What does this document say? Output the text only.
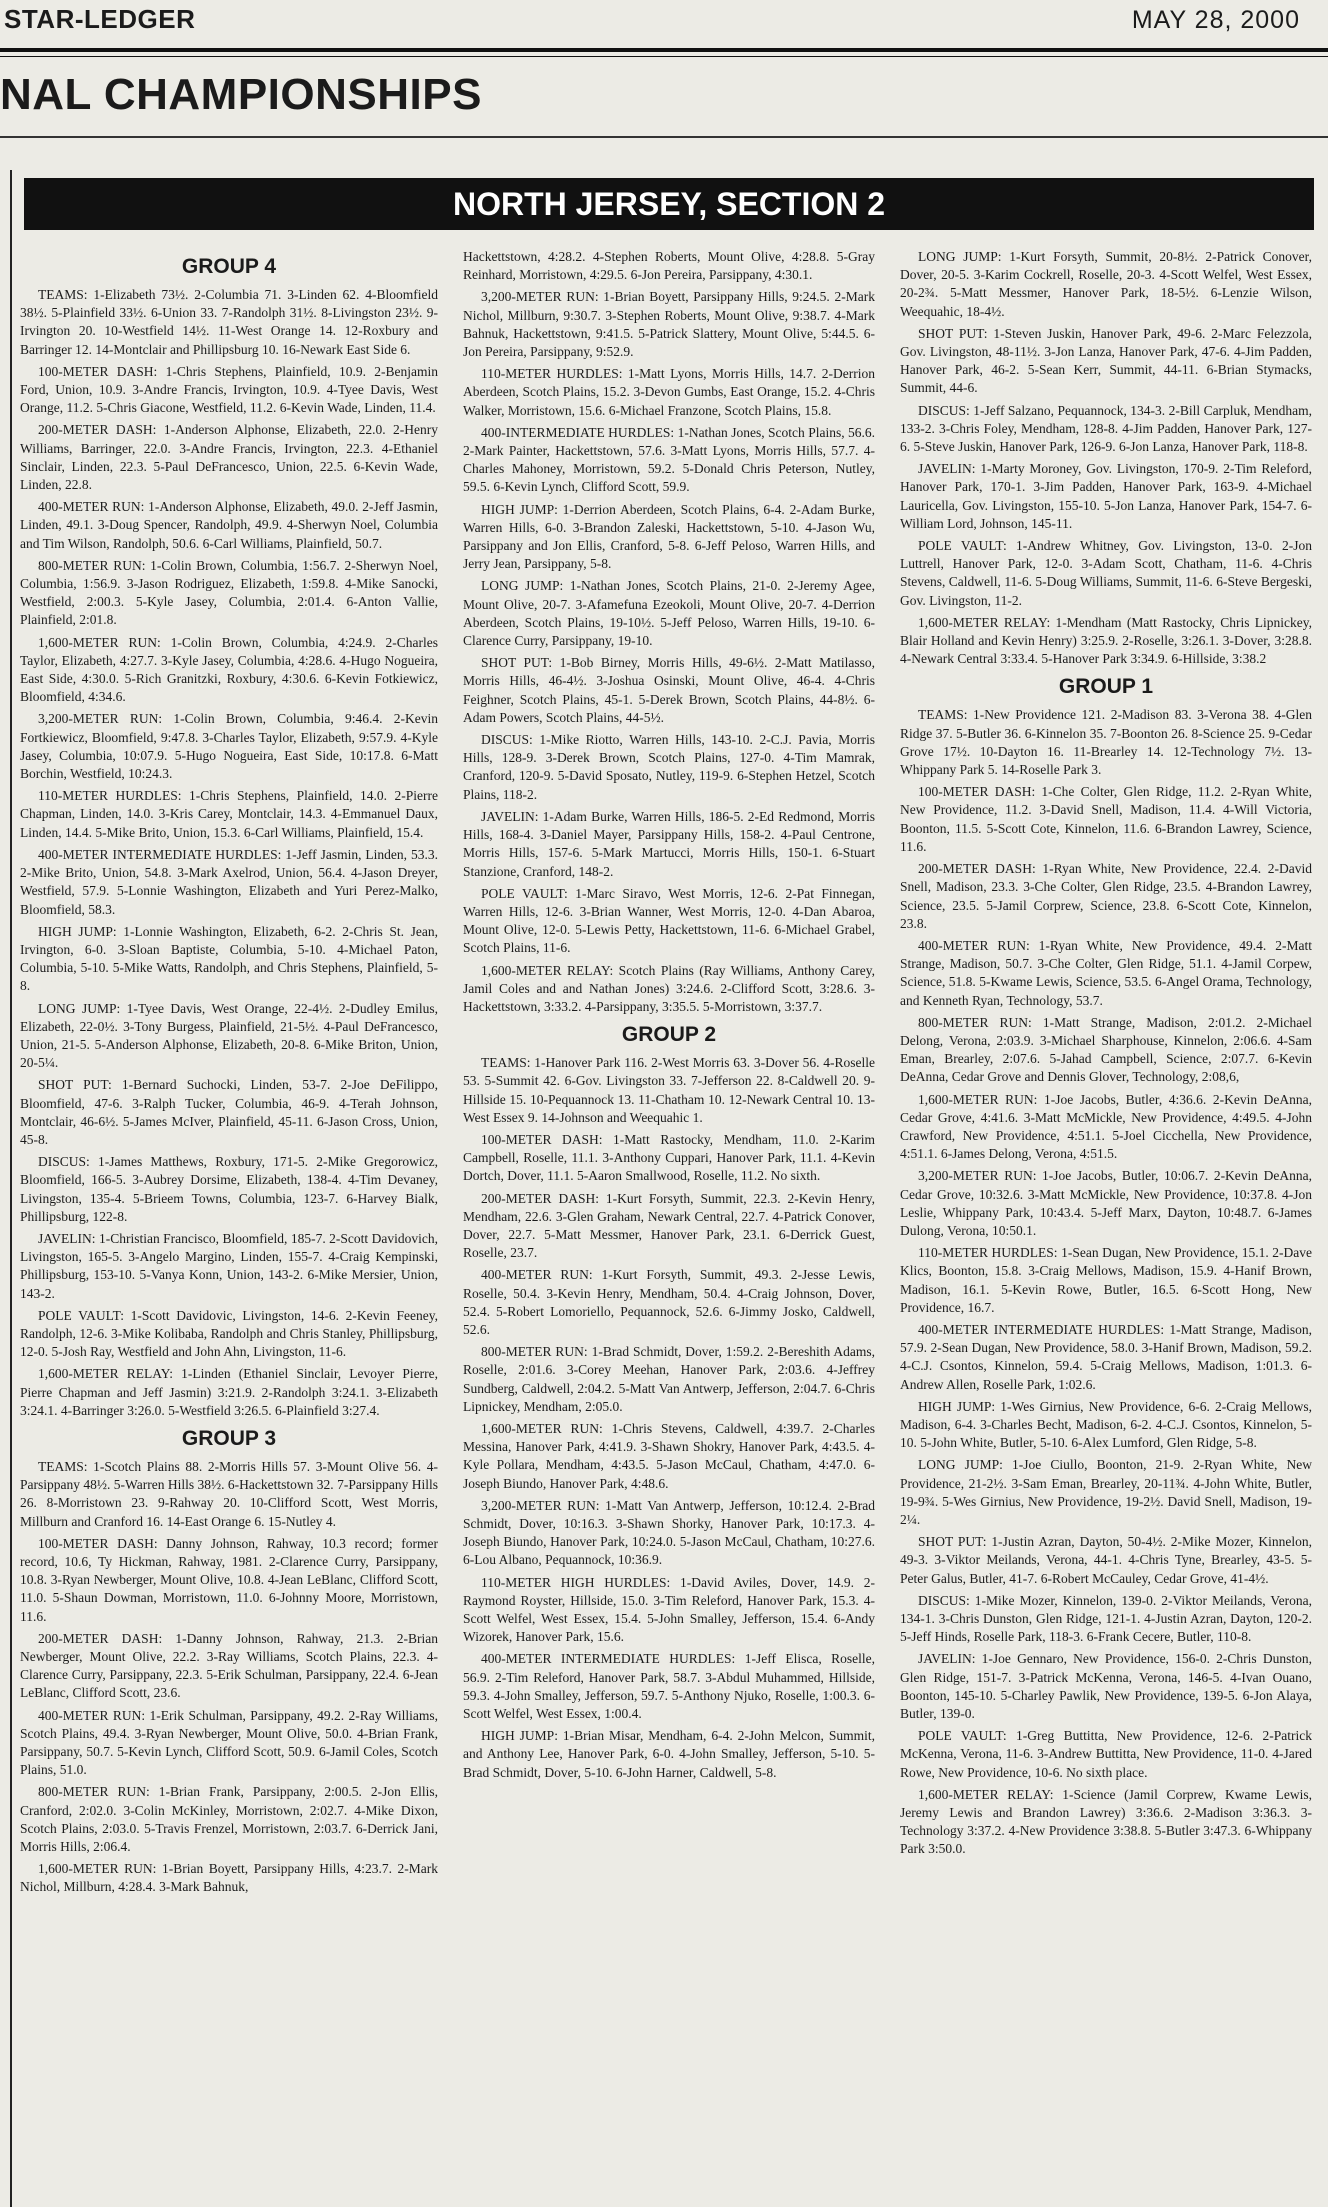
STAR-LEDGER	MAY 28, 2000
NAL CHAMPIONSHIPS
NORTH JERSEY, SECTION 2
GROUP 4

TEAMS: 1-Elizabeth 73½. 2-Columbia 71. 3-Linden 62. 4-Bloomfield 38½. 5-Plainfield 33½. 6-Union 33. 7-Randolph 31½. 8-Livingston 23½. 9-Irvington 20. 10-Westfield 14½. 11-West Orange 14. 12-Roxbury and Barringer 12. 14-Montclair and Phillipsburg 10. 16-Newark East Side 6.

100-METER DASH: 1-Chris Stephens, Plainfield, 10.9. 2-Benjamin Ford, Union, 10.9. 3-Andre Francis, Irvington, 10.9. 4-Tyee Davis, West Orange, 11.2. 5-Chris Giacone, Westfield, 11.2. 6-Kevin Wade, Linden, 11.4.

200-METER DASH: 1-Anderson Alphonse, Elizabeth, 22.0. 2-Henry Williams, Barringer, 22.0. 3-Andre Francis, Irvington, 22.3. 4-Ethaniel Sinclair, Linden, 22.3. 5-Paul DeFrancesco, Union, 22.5. 6-Kevin Wade, Linden, 22.8.

400-METER RUN: 1-Anderson Alphonse, Elizabeth, 49.0. 2-Jeff Jasmin, Linden, 49.1. 3-Doug Spencer, Randolph, 49.9. 4-Sherwyn Noel, Columbia and Tim Wilson, Randolph, 50.6. 6-Carl Williams, Plainfield, 50.7.

800-METER RUN: 1-Colin Brown, Columbia, 1:56.7. 2-Sherwyn Noel, Columbia, 1:56.9. 3-Jason Rodriguez, Elizabeth, 1:59.8. 4-Mike Sanocki, Westfield, 2:00.3. 5-Kyle Jasey, Columbia, 2:01.4. 6-Anton Vallie, Plainfield, 2:01.8.

1,600-METER RUN: 1-Colin Brown, Columbia, 4:24.9. 2-Charles Taylor, Elizabeth, 4:27.7. 3-Kyle Jasey, Columbia, 4:28.6. 4-Hugo Nogueira, East Side, 4:30.0. 5-Rich Granitzki, Roxbury, 4:30.6. 6-Kevin Fotkiewicz, Bloomfield, 4:34.6.

3,200-METER RUN: 1-Colin Brown, Columbia, 9:46.4. 2-Kevin Fortkiewicz, Bloomfield, 9:47.8. 3-Charles Taylor, Elizabeth, 9:57.9. 4-Kyle Jasey, Columbia, 10:07.9. 5-Hugo Nogueira, East Side, 10:17.8. 6-Matt Borchin, Westfield, 10:24.3.

110-METER HURDLES: 1-Chris Stephens, Plainfield, 14.0. 2-Pierre Chapman, Linden, 14.0. 3-Kris Carey, Montclair, 14.3. 4-Emmanuel Daux, Linden, 14.4. 5-Mike Brito, Union, 15.3. 6-Carl Williams, Plainfield, 15.4.

400-METER INTERMEDIATE HURDLES: 1-Jeff Jasmin, Linden, 53.3. 2-Mike Brito, Union, 54.8. 3-Mark Axelrod, Union, 56.4. 4-Jason Dreyer, Westfield, 57.9. 5-Lonnie Washington, Elizabeth and Yuri Perez-Malko, Bloomfield, 58.3.

HIGH JUMP: 1-Lonnie Washington, Elizabeth, 6-2. 2-Chris St. Jean, Irvington, 6-0. 3-Sloan Baptiste, Columbia, 5-10. 4-Michael Paton, Columbia, 5-10. 5-Mike Watts, Randolph, and Chris Stephens, Plainfield, 5-8.

LONG JUMP: 1-Tyee Davis, West Orange, 22-4½. 2-Dudley Emilus, Elizabeth, 22-0½. 3-Tony Burgess, Plainfield, 21-5½. 4-Paul DeFrancesco, Union, 21-5. 5-Anderson Alphonse, Elizabeth, 20-8. 6-Mike Briton, Union, 20-5¼.

SHOT PUT: 1-Bernard Suchocki, Linden, 53-7. 2-Joe DeFilippo, Bloomfield, 47-6. 3-Ralph Tucker, Columbia, 46-9. 4-Terah Johnson, Montclair, 46-6½. 5-James McIver, Plainfield, 45-11. 6-Jason Cross, Union, 45-8.

DISCUS: 1-James Matthews, Roxbury, 171-5. 2-Mike Gregorowicz, Bloomfield, 166-5. 3-Aubrey Dorsime, Elizabeth, 138-4. 4-Tim Devaney, Livingston, 135-4. 5-Brieem Towns, Columbia, 123-7. 6-Harvey Bialk, Phillipsburg, 122-8.

JAVELIN: 1-Christian Francisco, Bloomfield, 185-7. 2-Scott Davidovich, Livingston, 165-5. 3-Angelo Margino, Linden, 155-7. 4-Craig Kempinski, Phillipsburg, 153-10. 5-Vanya Konn, Union, 143-2. 6-Mike Mersier, Union, 143-2.

POLE VAULT: 1-Scott Davidovic, Livingston, 14-6. 2-Kevin Feeney, Randolph, 12-6. 3-Mike Kolibaba, Randolph and Chris Stanley, Phillipsburg, 12-0. 5-Josh Ray, Westfield and John Ahn, Livingston, 11-6.

1,600-METER RELAY: 1-Linden (Ethaniel Sinclair, Levoyer Pierre, Pierre Chapman and Jeff Jasmin) 3:21.9. 2-Randolph 3:24.1. 3-Elizabeth 3:24.1. 4-Barringer 3:26.0. 5-Westfield 3:26.5. 6-Plainfield 3:27.4.

GROUP 3

TEAMS: 1-Scotch Plains 88. 2-Morris Hills 57. 3-Mount Olive 56. 4-Parsippany 48½. 5-Warren Hills 38½. 6-Hackettstown 32. 7-Parsippany Hills 26. 8-Morristown 23. 9-Rahway 20. 10-Clifford Scott, West Morris, Millburn and Cranford 16. 14-East Orange 6. 15-Nutley 4.

100-METER DASH: Danny Johnson, Rahway, 10.3 record; former record, 10.6, Ty Hickman, Rahway, 1981. 2-Clarence Curry, Parsippany, 10.8. 3-Ryan Newberger, Mount Olive, 10.8. 4-Jean LeBlanc, Clifford Scott, 11.0. 5-Shaun Dowman, Morristown, 11.0. 6-Johnny Moore, Morristown, 11.6.

200-METER DASH: 1-Danny Johnson, Rahway, 21.3. 2-Brian Newberger, Mount Olive, 22.2. 3-Ray Williams, Scotch Plains, 22.3. 4-Clarence Curry, Parsippany, 22.3. 5-Erik Schulman, Parsippany, 22.4. 6-Jean LeBlanc, Clifford Scott, 23.6.

400-METER RUN: 1-Erik Schulman, Parsippany, 49.2. 2-Ray Williams, Scotch Plains, 49.4. 3-Ryan Newberger, Mount Olive, 50.0. 4-Brian Frank, Parsippany, 50.7. 5-Kevin Lynch, Clifford Scott, 50.9. 6-Jamil Coles, Scotch Plains, 51.0.

800-METER RUN: 1-Brian Frank, Parsippany, 2:00.5. 2-Jon Ellis, Cranford, 2:02.0. 3-Colin McKinley, Morristown, 2:02.7. 4-Mike Dixon, Scotch Plains, 2:03.0. 5-Travis Frenzel, Morristown, 2:03.7. 6-Derrick Jani, Morris Hills, 2:06.4.

1,600-METER RUN: 1-Brian Boyett, Parsippany Hills, 4:23.7. 2-Mark Nichol, Millburn, 4:28.4. 3-Mark Bahnuk,

Hackettstown, 4:28.2. 4-Stephen Roberts, Mount Olive, 4:28.8. 5-Gray Reinhard, Morristown, 4:29.5. 6-Jon Pereira, Parsippany, 4:30.1.

3,200-METER RUN: 1-Brian Boyett, Parsippany Hills, 9:24.5. 2-Mark Nichol, Millburn, 9:30.7. 3-Stephen Roberts, Mount Olive, 9:38.7. 4-Mark Bahnuk, Hackettstown, 9:41.5. 5-Patrick Slattery, Mount Olive, 5:44.5. 6-Jon Pereira, Parsippany, 9:52.9.

110-METER HURDLES: 1-Matt Lyons, Morris Hills, 14.7. 2-Derrion Aberdeen, Scotch Plains, 15.2. 3-Devon Gumbs, East Orange, 15.2. 4-Chris Walker, Morristown, 15.6. 6-Michael Franzone, Scotch Plains, 15.8.

400-INTERMEDIATE HURDLES: 1-Nathan Jones, Scotch Plains, 56.6. 2-Mark Painter, Hackettstown, 57.6. 3-Matt Lyons, Morris Hills, 57.7. 4-Charles Mahoney, Morristown, 59.2. 5-Donald Chris Peterson, Nutley, 59.5. 6-Kevin Lynch, Clifford Scott, 59.9.

HIGH JUMP: 1-Derrion Aberdeen, Scotch Plains, 6-4. 2-Adam Burke, Warren Hills, 6-0. 3-Brandon Zaleski, Hackettstown, 5-10. 4-Jason Wu, Parsippany and Jon Ellis, Cranford, 5-8. 6-Jeff Peloso, Warren Hills, and Jerry Jean, Parsippany, 5-8.

LONG JUMP: 1-Nathan Jones, Scotch Plains, 21-0. 2-Jeremy Agee, Mount Olive, 20-7. 3-Afamefuna Ezeokoli, Mount Olive, 20-7. 4-Derrion Aberdeen, Scotch Plains, 19-10½. 5-Jeff Peloso, Warren Hills, 19-10. 6-Clarence Curry, Parsippany, 19-10.

SHOT PUT: 1-Bob Birney, Morris Hills, 49-6½. 2-Matt Matilasso, Morris Hills, 46-4½. 3-Joshua Osinski, Mount Olive, 46-4. 4-Chris Feighner, Scotch Plains, 45-1. 5-Derek Brown, Scotch Plains, 44-8½. 6-Adam Powers, Scotch Plains, 44-5½.

DISCUS: 1-Mike Riotto, Warren Hills, 143-10. 2-C.J. Pavia, Morris Hills, 128-9. 3-Derek Brown, Scotch Plains, 127-0. 4-Tim Mamrak, Cranford, 120-9. 5-David Sposato, Nutley, 119-9. 6-Stephen Hetzel, Scotch Plains, 118-2.

JAVELIN: 1-Adam Burke, Warren Hills, 186-5. 2-Ed Redmond, Morris Hills, 168-4. 3-Daniel Mayer, Parsippany Hills, 158-2. 4-Paul Centrone, Morris Hills, 157-6. 5-Mark Martucci, Morris Hills, 150-1. 6-Stuart Stanzione, Cranford, 148-2.

POLE VAULT: 1-Marc Siravo, West Morris, 12-6. 2-Pat Finnegan, Warren Hills, 12-6. 3-Brian Wanner, West Morris, 12-0. 4-Dan Abaroa, Mount Olive, 12-0. 5-Lewis Petty, Hackettstown, 11-6. 6-Michael Grabel, Scotch Plains, 11-6.

1,600-METER RELAY: Scotch Plains (Ray Williams, Anthony Carey, Jamil Coles and and Nathan Jones) 3:24.6. 2-Clifford Scott, 3:28.6. 3-Hackettstown, 3:33.2. 4-Parsippany, 3:35.5. 5-Morristown, 3:37.7.

GROUP 2

TEAMS: 1-Hanover Park 116. 2-West Morris 63. 3-Dover 56. 4-Roselle 53. 5-Summit 42. 6-Gov. Livingston 33. 7-Jefferson 22. 8-Caldwell 20. 9-Hillside 15. 10-Pequannock 13. 11-Chatham 10. 12-Newark Central 10. 13-West Essex 9. 14-Johnson and Weequahic 1.

100-METER DASH: 1-Matt Rastocky, Mendham, 11.0. 2-Karim Campbell, Roselle, 11.1. 3-Anthony Cuppari, Hanover Park, 11.1. 4-Kevin Dortch, Dover, 11.1. 5-Aaron Smallwood, Roselle, 11.2. No sixth.

200-METER DASH: 1-Kurt Forsyth, Summit, 22.3. 2-Kevin Henry, Mendham, 22.6. 3-Glen Graham, Newark Central, 22.7. 4-Patrick Conover, Dover, 22.7. 5-Matt Messmer, Hanover Park, 23.1. 6-Derrick Guest, Roselle, 23.7.

400-METER RUN: 1-Kurt Forsyth, Summit, 49.3. 2-Jesse Lewis, Roselle, 50.4. 3-Kevin Henry, Mendham, 50.4. 4-Craig Johnson, Dover, 52.4. 5-Robert Lomoriello, Pequannock, 52.6. 6-Jimmy Josko, Caldwell, 52.6.

800-METER RUN: 1-Brad Schmidt, Dover, 1:59.2. 2-Bereshith Adams, Roselle, 2:01.6. 3-Corey Meehan, Hanover Park, 2:03.6. 4-Jeffrey Sundberg, Caldwell, 2:04.2. 5-Matt Van Antwerp, Jefferson, 2:04.7. 6-Chris Lipnickey, Mendham, 2:05.0.

1,600-METER RUN: 1-Chris Stevens, Caldwell, 4:39.7. 2-Charles Messina, Hanover Park, 4:41.9. 3-Shawn Shokry, Hanover Park, 4:43.5. 4-Kyle Pollara, Mendham, 4:43.5. 5-Jason McCaul, Chatham, 4:47.0. 6-Joseph Biundo, Hanover Park, 4:48.6.

3,200-METER RUN: 1-Matt Van Antwerp, Jefferson, 10:12.4. 2-Brad Schmidt, Dover, 10:16.3. 3-Shawn Shorky, Hanover Park, 10:17.3. 4-Joseph Biundo, Hanover Park, 10:24.0. 5-Jason McCaul, Chatham, 10:27.6. 6-Lou Albano, Pequannock, 10:36.9.

110-METER HIGH HURDLES: 1-David Aviles, Dover, 14.9. 2-Raymond Royster, Hillside, 15.0. 3-Tim Releford, Hanover Park, 15.3. 4-Scott Welfel, West Essex, 15.4. 5-John Smalley, Jefferson, 15.4. 6-Andy Wizorek, Hanover Park, 15.6.

400-METER INTERMEDIATE HURDLES: 1-Jeff Elisca, Roselle, 56.9. 2-Tim Releford, Hanover Park, 58.7. 3-Abdul Muhammed, Hillside, 59.3. 4-John Smalley, Jefferson, 59.7. 5-Anthony Njuko, Roselle, 1:00.3. 6-Scott Welfel, West Essex, 1:00.4.

HIGH JUMP: 1-Brian Misar, Mendham, 6-4. 2-John Melcon, Summit, and Anthony Lee, Hanover Park, 6-0. 4-John Smalley, Jefferson, 5-10. 5-Brad Schmidt, Dover, 5-10. 6-John Harner, Caldwell, 5-8.

LONG JUMP: 1-Kurt Forsyth, Summit, 20-8½. 2-Patrick Conover, Dover, 20-5. 3-Karim Cockrell, Roselle, 20-3. 4-Scott Welfel, West Essex, 20-2¾. 5-Matt Messmer, Hanover Park, 18-5½. 6-Lenzie Wilson, Weequahic, 18-4½.

SHOT PUT: 1-Steven Juskin, Hanover Park, 49-6. 2-Marc Felezzola, Gov. Livingston, 48-11½. 3-Jon Lanza, Hanover Park, 47-6. 4-Jim Padden, Hanover Park, 46-2. 5-Sean Kerr, Summit, 44-11. 6-Brian Stymacks, Summit, 44-6.

DISCUS: 1-Jeff Salzano, Pequannock, 134-3. 2-Bill Carpluk, Mendham, 133-2. 3-Chris Foley, Mendham, 128-8. 4-Jim Padden, Hanover Park, 127-6. 5-Steve Juskin, Hanover Park, 126-9. 6-Jon Lanza, Hanover Park, 118-8.

JAVELIN: 1-Marty Moroney, Gov. Livingston, 170-9. 2-Tim Releford, Hanover Park, 170-1. 3-Jim Padden, Hanover Park, 163-9. 4-Michael Lauricella, Gov. Livingston, 155-10. 5-Jon Lanza, Hanover Park, 154-7. 6-William Lord, Johnson, 145-11.

POLE VAULT: 1-Andrew Whitney, Gov. Livingston, 13-0. 2-Jon Luttrell, Hanover Park, 12-0. 3-Adam Scott, Chatham, 11-6. 4-Chris Stevens, Caldwell, 11-6. 5-Doug Williams, Summit, 11-6. 6-Steve Bergeski, Gov. Livingston, 11-2.

1,600-METER RELAY: 1-Mendham (Matt Rastocky, Chris Lipnickey, Blair Holland and Kevin Henry) 3:25.9. 2-Roselle, 3:26.1. 3-Dover, 3:28.8. 4-Newark Central 3:33.4. 5-Hanover Park 3:34.9. 6-Hillside, 3:38.2

GROUP 1

TEAMS: 1-New Providence 121. 2-Madison 83. 3-Verona 38. 4-Glen Ridge 37. 5-Butler 36. 6-Kinnelon 35. 7-Boonton 26. 8-Science 25. 9-Cedar Grove 17½. 10-Dayton 16. 11-Brearley 14. 12-Technology 7½. 13-Whippany Park 5. 14-Roselle Park 3.

100-METER DASH: 1-Che Colter, Glen Ridge, 11.2. 2-Ryan White, New Providence, 11.2. 3-David Snell, Madison, 11.4. 4-Will Victoria, Boonton, 11.5. 5-Scott Cote, Kinnelon, 11.6. 6-Brandon Lawrey, Science, 11.6.

200-METER DASH: 1-Ryan White, New Providence, 22.4. 2-David Snell, Madison, 23.3. 3-Che Colter, Glen Ridge, 23.5. 4-Brandon Lawrey, Science, 23.5. 5-Jamil Corprew, Science, 23.8. 6-Scott Cote, Kinnelon, 23.8.

400-METER RUN: 1-Ryan White, New Providence, 49.4. 2-Matt Strange, Madison, 50.7. 3-Che Colter, Glen Ridge, 51.1. 4-Jamil Corpew, Science, 51.8. 5-Kwame Lewis, Science, 53.5. 6-Angel Orama, Technology, and Kenneth Ryan, Technology, 53.7.

800-METER RUN: 1-Matt Strange, Madison, 2:01.2. 2-Michael Delong, Verona, 2:03.9. 3-Michael Sharphouse, Kinnelon, 2:06.6. 4-Sam Eman, Brearley, 2:07.6. 5-Jahad Campbell, Science, 2:07.7. 6-Kevin DeAnna, Cedar Grove and Dennis Glover, Technology, 2:08,6,

1,600-METER RUN: 1-Joe Jacobs, Butler, 4:36.6. 2-Kevin DeAnna, Cedar Grove, 4:41.6. 3-Matt McMickle, New Providence, 4:49.5. 4-John Crawford, New Providence, 4:51.1. 5-Joel Cicchella, New Providence, 4:51.1. 6-James Delong, Verona, 4:51.5.

3,200-METER RUN: 1-Joe Jacobs, Butler, 10:06.7. 2-Kevin DeAnna, Cedar Grove, 10:32.6. 3-Matt McMickle, New Providence, 10:37.8. 4-Jon Leslie, Whippany Park, 10:43.4. 5-Jeff Marx, Dayton, 10:48.7. 6-James Dulong, Verona, 10:50.1.

110-METER HURDLES: 1-Sean Dugan, New Providence, 15.1. 2-Dave Klics, Boonton, 15.8. 3-Craig Mellows, Madison, 15.9. 4-Hanif Brown, Madison, 16.1. 5-Kevin Rowe, Butler, 16.5. 6-Scott Hong, New Providence, 16.7.

400-METER INTERMEDIATE HURDLES: 1-Matt Strange, Madison, 57.9. 2-Sean Dugan, New Providence, 58.0. 3-Hanif Brown, Madison, 59.2. 4-C.J. Csontos, Kinnelon, 59.4. 5-Craig Mellows, Madison, 1:01.3. 6-Andrew Allen, Roselle Park, 1:02.6.

HIGH JUMP: 1-Wes Girnius, New Providence, 6-6. 2-Craig Mellows, Madison, 6-4. 3-Charles Becht, Madison, 6-2. 4-C.J. Csontos, Kinnelon, 5-10. 5-John White, Butler, 5-10. 6-Alex Lumford, Glen Ridge, 5-8.

LONG JUMP: 1-Joe Ciullo, Boonton, 21-9. 2-Ryan White, New Providence, 21-2½. 3-Sam Eman, Brearley, 20-11¾. 4-John White, Butler, 19-9¾. 5-Wes Girnius, New Providence, 19-2½. David Snell, Madison, 19-2¼.

SHOT PUT: 1-Justin Azran, Dayton, 50-4½. 2-Mike Mozer, Kinnelon, 49-3. 3-Viktor Meilands, Verona, 44-1. 4-Chris Tyne, Brearley, 43-5. 5-Peter Galus, Butler, 41-7. 6-Robert McCauley, Cedar Grove, 41-4½.

DISCUS: 1-Mike Mozer, Kinnelon, 139-0. 2-Viktor Meilands, Verona, 134-1. 3-Chris Dunston, Glen Ridge, 121-1. 4-Justin Azran, Dayton, 120-2. 5-Jeff Hinds, Roselle Park, 118-3. 6-Frank Cecere, Butler, 110-8.

JAVELIN: 1-Joe Gennaro, New Providence, 156-0. 2-Chris Dunston, Glen Ridge, 151-7. 3-Patrick McKenna, Verona, 146-5. 4-Ivan Ouano, Boonton, 145-10. 5-Charley Pawlik, New Providence, 139-5. 6-Jon Alaya, Butler, 139-0.

POLE VAULT: 1-Greg Buttitta, New Providence, 12-6. 2-Patrick McKenna, Verona, 11-6. 3-Andrew Buttitta, New Providence, 11-0. 4-Jared Rowe, New Providence, 10-6. No sixth place.

1,600-METER RELAY: 1-Science (Jamil Corprew, Kwame Lewis, Jeremy Lewis and Brandon Lawrey) 3:36.6. 2-Madison 3:36.3. 3-Technology 3:37.2. 4-New Providence 3:38.8. 5-Butler 3:47.3. 6-Whippany Park 3:50.0.
